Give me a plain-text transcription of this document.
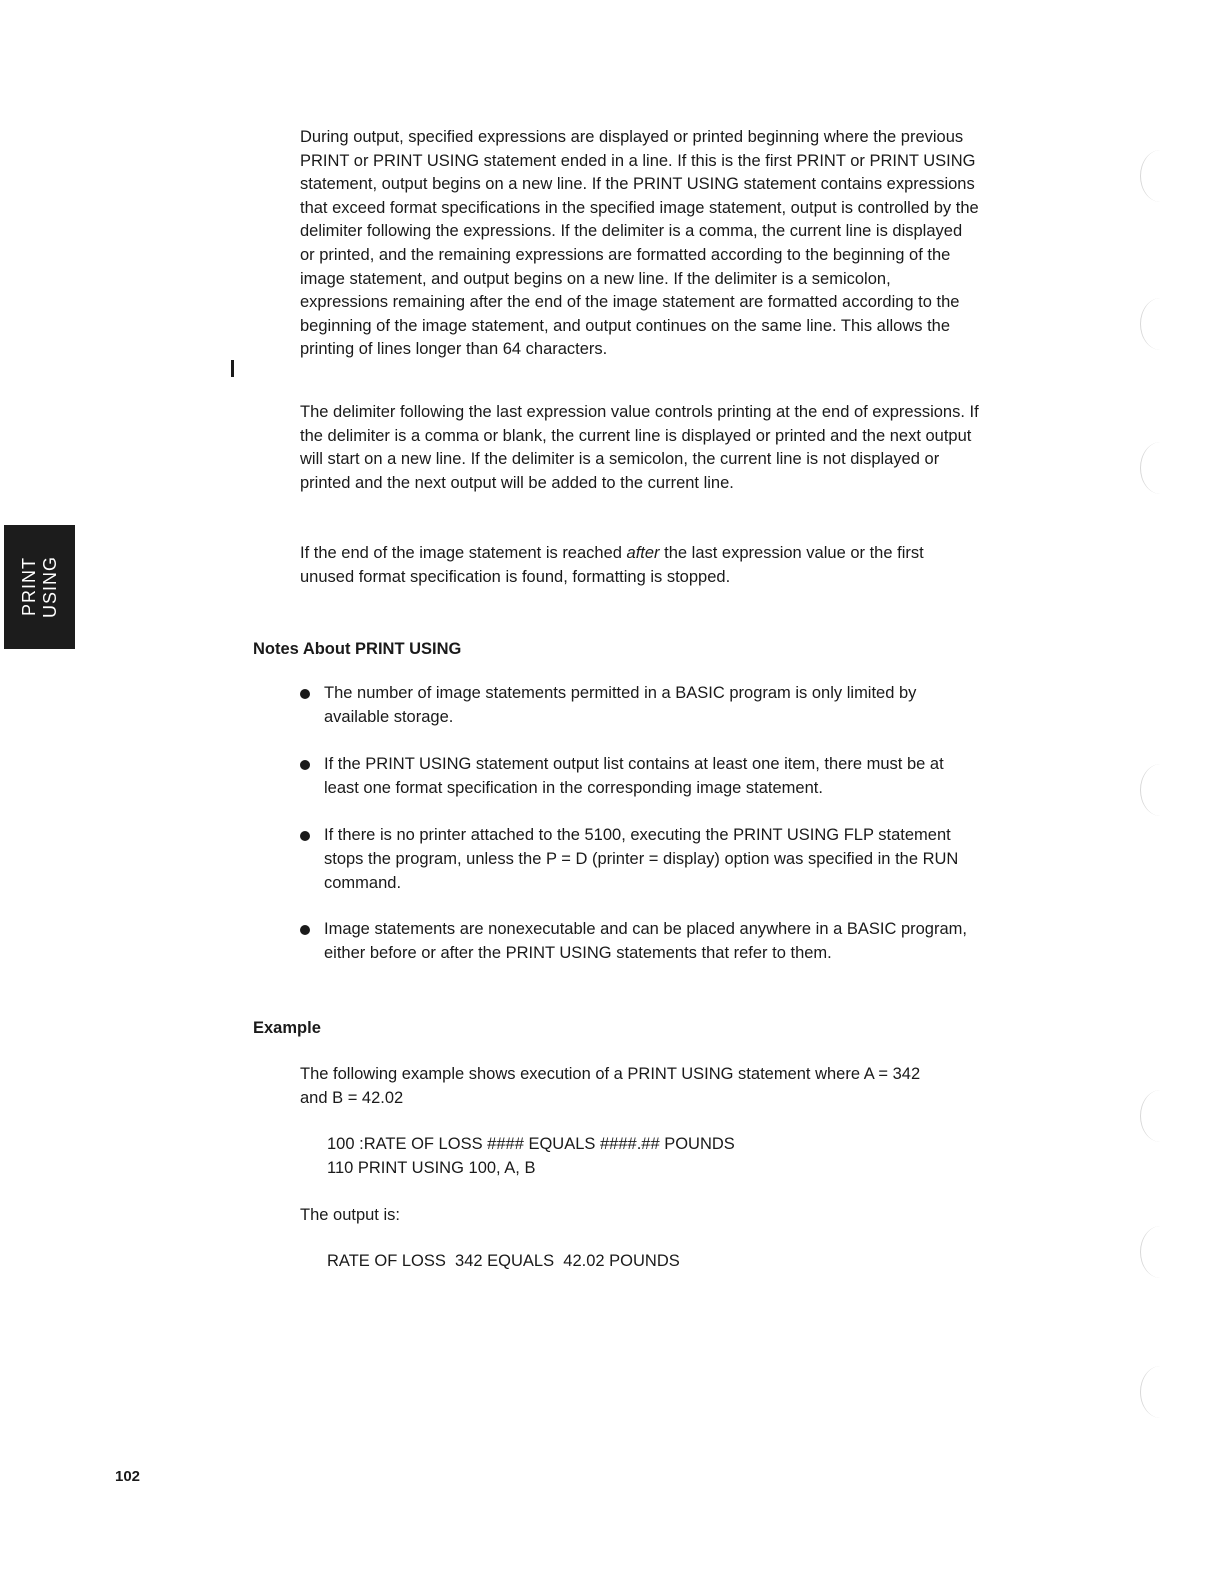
PRINT
USING

During output, specified expressions are displayed or printed beginning where the previous PRINT or PRINT USING statement ended in a line. If this is the first PRINT or PRINT USING statement, output begins on a new line. If the PRINT USING statement contains expressions that exceed format specifications in the specified image statement, output is controlled by the delimiter following the expressions. If the delimiter is a comma, the current line is displayed or printed, and the remaining expressions are formatted according to the beginning of the image statement, and output begins on a new line. If the delimiter is a semicolon, expressions remaining after the end of the image statement are formatted according to the beginning of the image statement, and output continues on the same line. This allows the printing of lines longer than 64 characters.

The delimiter following the last expression value controls printing at the end of expressions. If the delimiter is a comma or blank, the current line is displayed or printed and the next output will start on a new line. If the delimiter is a semicolon, the current line is not displayed or printed and the next output will be added to the current line.

If the end of the image statement is reached after the last expression value or the first unused format specification is found, formatting is stopped.

Notes About PRINT USING
The number of image statements permitted in a BASIC program is only limited by available storage.
If the PRINT USING statement output list contains at least one item, there must be at least one format specification in the corresponding image statement.
If there is no printer attached to the 5100, executing the PRINT USING FLP statement stops the program, unless the P = D (printer = display) option was specified in the RUN command.
Image statements are nonexecutable and can be placed anywhere in a BASIC program, either before or after the PRINT USING statements that refer to them.
Example

The following example shows execution of a PRINT USING statement where A = 342 and B = 42.02

100 :RATE OF LOSS #### EQUALS ####.## POUNDS
110 PRINT USING 100, A, B

The output is:

RATE OF LOSS  342 EQUALS  42.02 POUNDS
102
